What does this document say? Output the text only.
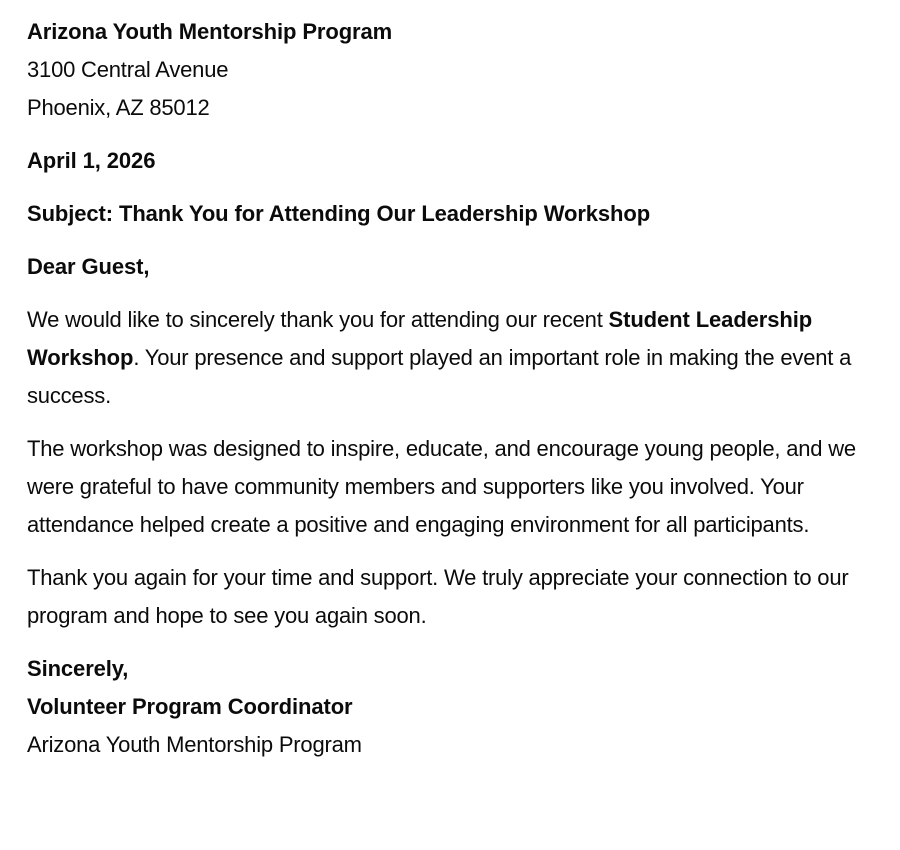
Arizona Youth Mentorship Program
3100 Central Avenue
Phoenix, AZ 85012

April 1, 2026

Subject: Thank You for Attending Our Leadership Workshop

Dear Guest,

We would like to sincerely thank you for attending our recent Student Leadership Workshop. Your presence and support played an important role in making the event a success.

The workshop was designed to inspire, educate, and encourage young people, and we were grateful to have community members and supporters like you involved. Your attendance helped create a positive and engaging environment for all participants.

Thank you again for your time and support. We truly appreciate your connection to our program and hope to see you again soon.

Sincerely,
Volunteer Program Coordinator
Arizona Youth Mentorship Program
